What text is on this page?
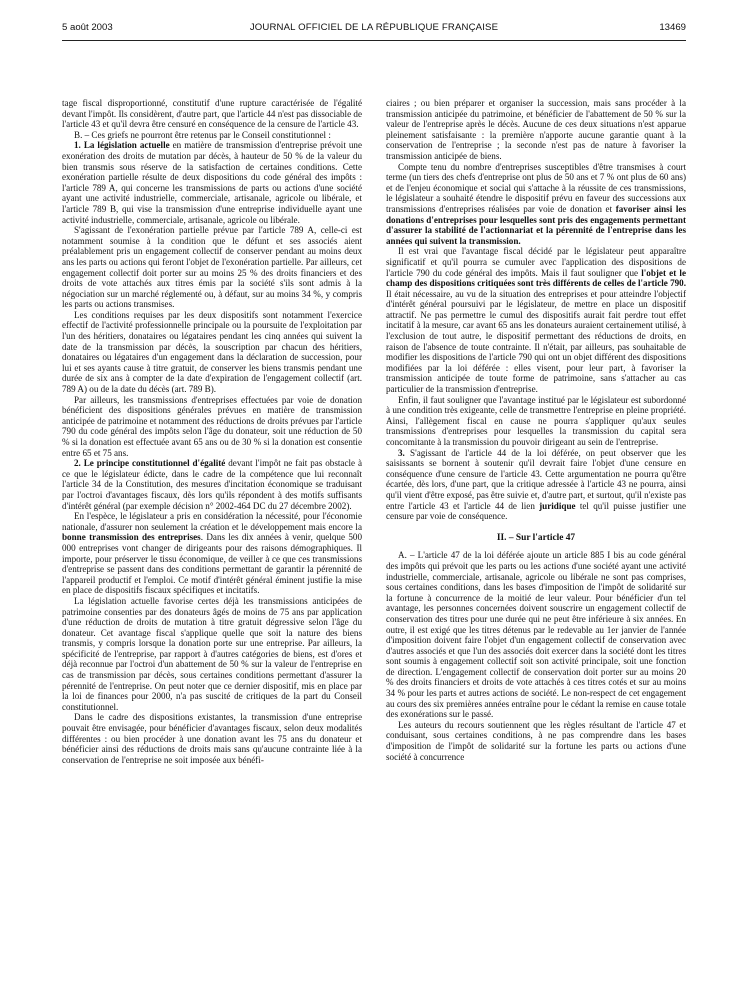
5 août 2003	JOURNAL OFFICIEL DE LA RÉPUBLIQUE FRANÇAISE	13469

tage fiscal disproportionné, constitutif d'une rupture caractérisée de l'égalité devant l'impôt. Ils considèrent, d'autre part, que l'article 44 n'est pas dissociable de l'article 43 et qu'il devra être censuré en conséquence de la censure de l'article 43.

B. – Ces griefs ne pourront être retenus par le Conseil constitutionnel :

1. La législation actuelle en matière de transmission d'entreprise prévoit une exonération des droits de mutation par décès, à hauteur de 50 % de la valeur du bien transmis sous réserve de la satisfaction de certaines conditions. Cette exonération partielle résulte de deux dispositions du code général des impôts : l'article 789 A, qui concerne les transmissions de parts ou actions d'une société ayant une activité industrielle, commerciale, artisanale, agricole ou libérale, et l'article 789 B, qui vise la transmission d'une entreprise individuelle ayant une activité industrielle, commerciale, artisanale, agricole ou libérale.

S'agissant de l'exonération partielle prévue par l'article 789 A, celle-ci est notamment soumise à la condition que le défunt et ses associés aient préalablement pris un engagement collectif de conserver pendant au moins deux ans les parts ou actions qui feront l'objet de l'exonération partielle. Par ailleurs, cet engagement collectif doit porter sur au moins 25 % des droits financiers et des droits de vote attachés aux titres émis par la société s'ils sont admis à la négociation sur un marché réglementé ou, à défaut, sur au moins 34 %, y compris les parts ou actions transmises.

Les conditions requises par les deux dispositifs sont notamment l'exercice effectif de l'activité professionnelle principale ou la poursuite de l'exploitation par l'un des héritiers, donataires ou légataires pendant les cinq années qui suivent la date de la transmission par décès, la souscription par chacun des héritiers, donataires ou légataires d'un engagement dans la déclaration de succession, pour lui et ses ayants cause à titre gratuit, de conserver les biens transmis pendant une durée de six ans à compter de la date d'expiration de l'engagement collectif (art. 789 A) ou de la date du décès (art. 789 B).

Par ailleurs, les transmissions d'entreprises effectuées par voie de donation bénéficient des dispositions générales prévues en matière de transmission anticipée de patrimoine et notamment des réductions de droits prévues par l'article 790 du code général des impôts selon l'âge du donateur, soit une réduction de 50 % si la donation est effectuée avant 65 ans ou de 30 % si la donation est consentie entre 65 et 75 ans.

2. Le principe constitutionnel d'égalité devant l'impôt ne fait pas obstacle à ce que le législateur édicte, dans le cadre de la compétence que lui reconnaît l'article 34 de la Constitution, des mesures d'incitation économique se traduisant par l'octroi d'avantages fiscaux, dès lors qu'ils répondent à des motifs suffisants d'intérêt général (par exemple décision n° 2002-464 DC du 27 décembre 2002).

En l'espèce, le législateur a pris en considération la nécessité, pour l'économie nationale, d'assurer non seulement la création et le développement mais encore la bonne transmission des entreprises. Dans les dix années à venir, quelque 500 000 entreprises vont changer de dirigeants pour des raisons démographiques. Il importe, pour préserver le tissu économique, de veiller à ce que ces transmissions d'entreprise se passent dans des conditions permettant de garantir la pérennité de l'appareil productif et l'emploi. Ce motif d'intérêt général éminent justifie la mise en place de dispositifs fiscaux spécifiques et incitatifs.

La législation actuelle favorise certes déjà les transmissions anticipées de patrimoine consenties par des donateurs âgés de moins de 75 ans par application d'une réduction de droits de mutation à titre gratuit dégressive selon l'âge du donateur. Cet avantage fiscal s'applique quelle que soit la nature des biens transmis, y compris lorsque la donation porte sur une entreprise. Par ailleurs, la spécificité de l'entreprise, par rapport à d'autres catégories de biens, est d'ores et déjà reconnue par l'octroi d'un abattement de 50 % sur la valeur de l'entreprise en cas de transmission par décès, sous certaines conditions permettant d'assurer la pérennité de l'entreprise. On peut noter que ce dernier dispositif, mis en place par la loi de finances pour 2000, n'a pas suscité de critiques de la part du Conseil constitutionnel.

Dans le cadre des dispositions existantes, la transmission d'une entreprise pouvait être envisagée, pour bénéficier d'avantages fiscaux, selon deux modalités différentes : ou bien procéder à une donation avant les 75 ans du donateur et bénéficier ainsi des réductions de droits mais sans qu'aucune contrainte liée à la conservation de l'entreprise ne soit imposée aux bénéfi-

ciaires ; ou bien préparer et organiser la succession, mais sans procéder à la transmission anticipée du patrimoine, et bénéficier de l'abattement de 50 % sur la valeur de l'entreprise après le décès. Aucune de ces deux situations n'est apparue pleinement satisfaisante : la première n'apporte aucune garantie quant à la conservation de l'entreprise ; la seconde n'est pas de nature à favoriser la transmission anticipée de biens.

Compte tenu du nombre d'entreprises susceptibles d'être transmises à court terme (un tiers des chefs d'entreprise ont plus de 50 ans et 7 % ont plus de 60 ans) et de l'enjeu économique et social qui s'attache à la réussite de ces transmissions, le législateur a souhaité étendre le dispositif prévu en faveur des successions aux transmissions d'entreprises réalisées par voie de donation et favoriser ainsi les donations d'entreprises pour lesquelles sont pris des engagements permettant d'assurer la stabilité de l'actionnariat et la pérennité de l'entreprise dans les années qui suivent la transmission.

Il est vrai que l'avantage fiscal décidé par le législateur peut apparaître significatif et qu'il pourra se cumuler avec l'application des dispositions de l'article 790 du code général des impôts. Mais il faut souligner que l'objet et le champ des dispositions critiquées sont très différents de celles de l'article 790. Il était nécessaire, au vu de la situation des entreprises et pour atteindre l'objectif d'intérêt général poursuivi par le législateur, de mettre en place un dispositif attractif. Ne pas permettre le cumul des dispositifs aurait fait perdre tout effet incitatif à la mesure, car avant 65 ans les donateurs auraient certainement utilisé, à l'exclusion de tout autre, le dispositif permettant des réductions de droits, en raison de l'absence de toute contrainte. Il n'était, par ailleurs, pas souhaitable de modifier les dispositions de l'article 790 qui ont un objet différent des dispositions modifiées par la loi déférée : elles visent, pour leur part, à favoriser la transmission anticipée de toute forme de patrimoine, sans s'attacher au cas particulier de la transmission d'entreprise.

Enfin, il faut souligner que l'avantage institué par le législateur est subordonné à une condition très exigeante, celle de transmettre l'entreprise en pleine propriété. Ainsi, l'allègement fiscal en cause ne pourra s'appliquer qu'aux seules transmissions d'entreprises pour lesquelles la transmission du capital sera concomitante à la transmission du pouvoir dirigeant au sein de l'entreprise.

3. S'agissant de l'article 44 de la loi déférée, on peut observer que les saisissants se bornent à soutenir qu'il devrait faire l'objet d'une censure en conséquence d'une censure de l'article 43. Cette argumentation ne pourra qu'être écartée, dès lors, d'une part, que la critique adressée à l'article 43 ne pourra, ainsi qu'il vient d'être exposé, pas être suivie et, d'autre part, et surtout, qu'il n'existe pas entre l'article 43 et l'article 44 de lien juridique tel qu'il puisse justifier une censure par voie de conséquence.

II. – Sur l'article 47

A. – L'article 47 de la loi déférée ajoute un article 885 I bis au code général des impôts qui prévoit que les parts ou les actions d'une société ayant une activité industrielle, commerciale, artisanale, agricole ou libérale ne sont pas comprises, sous certaines conditions, dans les bases d'imposition de l'impôt de solidarité sur la fortune à concurrence de la moitié de leur valeur. Pour bénéficier d'un tel avantage, les personnes concernées doivent souscrire un engagement collectif de conservation des titres pour une durée qui ne peut être inférieure à six années. En outre, il est exigé que les titres détenus par le redevable au 1er janvier de l'année d'imposition doivent faire l'objet d'un engagement collectif de conservation avec d'autres associés et que l'un des associés doit exercer dans la société dont les titres sont soumis à engagement collectif soit son activité principale, soit une fonction de direction. L'engagement collectif de conservation doit porter sur au moins 20 % des droits financiers et droits de vote attachés à ces titres cotés et sur au moins 34 % pour les parts et autres actions de société. Le non-respect de cet engagement au cours des six premières années entraîne pour le cédant la remise en cause totale des exonérations sur le passé.

Les auteurs du recours soutiennent que les règles résultant de l'article 47 et conduisant, sous certaines conditions, à ne pas comprendre dans les bases d'imposition de l'impôt de solidarité sur la fortune les parts ou actions d'une société à concurrence
